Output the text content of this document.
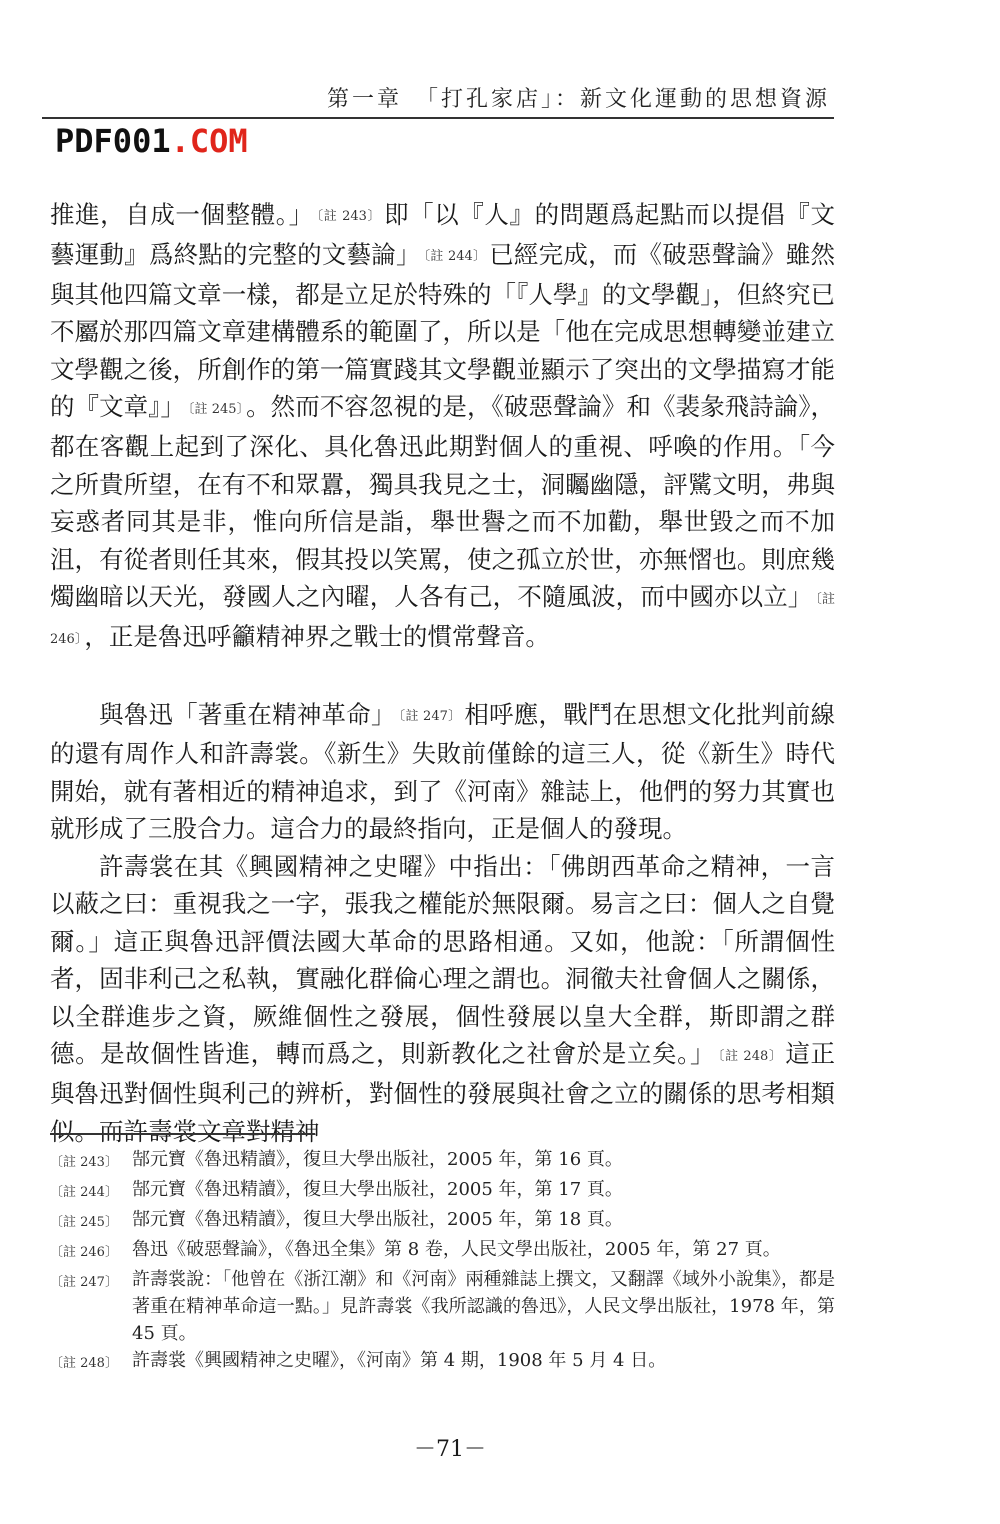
第一章　「打孔家店」：新文化運動的思想資源
PDF001.COM

推進，自成一個整體。」 〔註 243〕 即「以『人』的問題爲起點而以提倡『文藝運動』爲終點的完整的文藝論」 〔註 244〕 已經完成，而《破惡聲論》雖然與其他四篇文章一樣，都是立足於特殊的「『人學』的文學觀」，但終究已不屬於那四篇文章建構體系的範圍了，所以是「他在完成思想轉變並建立文學觀之後，所創作的第一篇實踐其文學觀並顯示了突出的文學描寫才能的『文章』」 〔註 245〕 。然而不容忽視的是，《破惡聲論》和《裴彖飛詩論》，都在客觀上起到了深化、具化魯迅此期對個人的重視、呼喚的作用。「今之所貴所望，在有不和眾囂，獨具我見之士，洞矚幽隱，評騭文明，弗與妄惑者同其是非，惟向所信是詣，舉世譽之而不加勸，舉世毀之而不加沮，有從者則任其來，假其投以笑罵，使之孤立於世，亦無慴也。則庶幾燭幽暗以天光，發國人之內曜，人各有己，不隨風波，而中國亦以立」 〔註 246〕 ，正是魯迅呼籲精神界之戰士的慣常聲音。

與魯迅「著重在精神革命」 〔註 247〕 相呼應，戰鬥在思想文化批判前線的還有周作人和許壽裳。《新生》失敗前僅餘的這三人，從《新生》時代開始，就有著相近的精神追求，到了《河南》雜誌上，他們的努力其實也就形成了三股合力。這合力的最終指向，正是個人的發現。

許壽裳在其《興國精神之史曜》中指出：「佛朗西革命之精神，一言以蔽之曰：重視我之一字，張我之權能於無限爾。易言之曰：個人之自覺爾。」這正與魯迅評價法國大革命的思路相通。又如，他說：「所謂個性者，固非利己之私執，實融化群倫心理之謂也。洞徹夫社會個人之關係，以全群進步之資，厥維個性之發展，個性發展以皇大全群，斯即謂之群德。是故個性皆進，轉而爲之，則新教化之社會於是立矣。」 〔註 248〕 這正與魯迅對個性與利己的辨析，對個性的發展與社會之立的關係的思考相類似。而許壽裳文章對精神

〔註 243〕 郜元寶《魯迅精讀》，復旦大學出版社，2005 年，第 16 頁。
〔註 244〕 郜元寶《魯迅精讀》，復旦大學出版社，2005 年，第 17 頁。
〔註 245〕 郜元寶《魯迅精讀》，復旦大學出版社，2005 年，第 18 頁。
〔註 246〕 魯迅《破惡聲論》，《魯迅全集》第 8 卷，人民文學出版社，2005 年，第 27 頁。
〔註 247〕 許壽裳說：「他曾在《浙江潮》和《河南》兩種雜誌上撰文，又翻譯《域外小說集》，都是著重在精神革命這一點。」見許壽裳《我所認識的魯迅》，人民文學出版社，1978 年，第 45 頁。
〔註 248〕 許壽裳《興國精神之史曜》，《河南》第 4 期，1908 年 5 月 4 日。
－71－
